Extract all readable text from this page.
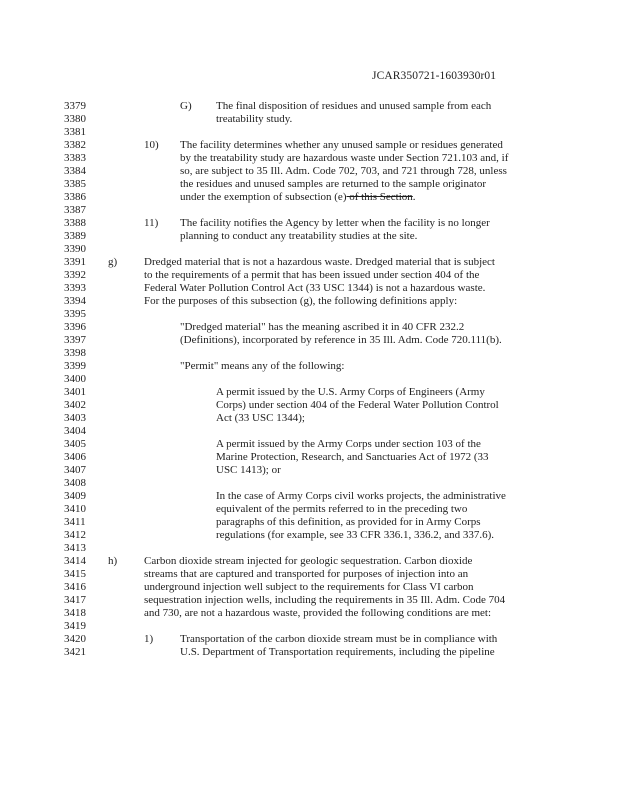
JCAR350721-1603930r01
3379
3380
3381
3382
3383
3384
3385
3386
3387
3388
3389
3390
3391
3392
3393
3394
3395
3396
3397
3398
3399
3400
3401
3402
3403
3404
3405
3406
3407
3408
3409
3410
3411
3412
3413
3414
3415
3416
3417
3418
3419
3420
3421
G) The final disposition of residues and unused sample from each
treatability study.
10) The facility determines whether any unused sample or residues generated
by the treatability study are hazardous waste under Section 721.103 and, if
so, are subject to 35 Ill. Adm. Code 702, 703, and 721 through 728, unless
the residues and unused samples are returned to the sample originator
under the exemption of subsection (e) of this Section.
11) The facility notifies the Agency by letter when the facility is no longer
planning to conduct any treatability studies at the site.
g) Dredged material that is not a hazardous waste. Dredged material that is subject
to the requirements of a permit that has been issued under section 404 of the
Federal Water Pollution Control Act (33 USC 1344) is not a hazardous waste.
For the purposes of this subsection (g), the following definitions apply:
"Dredged material" has the meaning ascribed it in 40 CFR 232.2
(Definitions), incorporated by reference in 35 Ill. Adm. Code 720.111(b).
"Permit" means any of the following:
A permit issued by the U.S. Army Corps of Engineers (Army
Corps) under section 404 of the Federal Water Pollution Control
Act (33 USC 1344);
A permit issued by the Army Corps under section 103 of the
Marine Protection, Research, and Sanctuaries Act of 1972 (33
USC 1413); or
In the case of Army Corps civil works projects, the administrative
equivalent of the permits referred to in the preceding two
paragraphs of this definition, as provided for in Army Corps
regulations (for example, see 33 CFR 336.1, 336.2, and 337.6).
h) Carbon dioxide stream injected for geologic sequestration. Carbon dioxide
streams that are captured and transported for purposes of injection into an
underground injection well subject to the requirements for Class VI carbon
sequestration injection wells, including the requirements in 35 Ill. Adm. Code 704
and 730, are not a hazardous waste, provided the following conditions are met:
1) Transportation of the carbon dioxide stream must be in compliance with
U.S. Department of Transportation requirements, including the pipeline
